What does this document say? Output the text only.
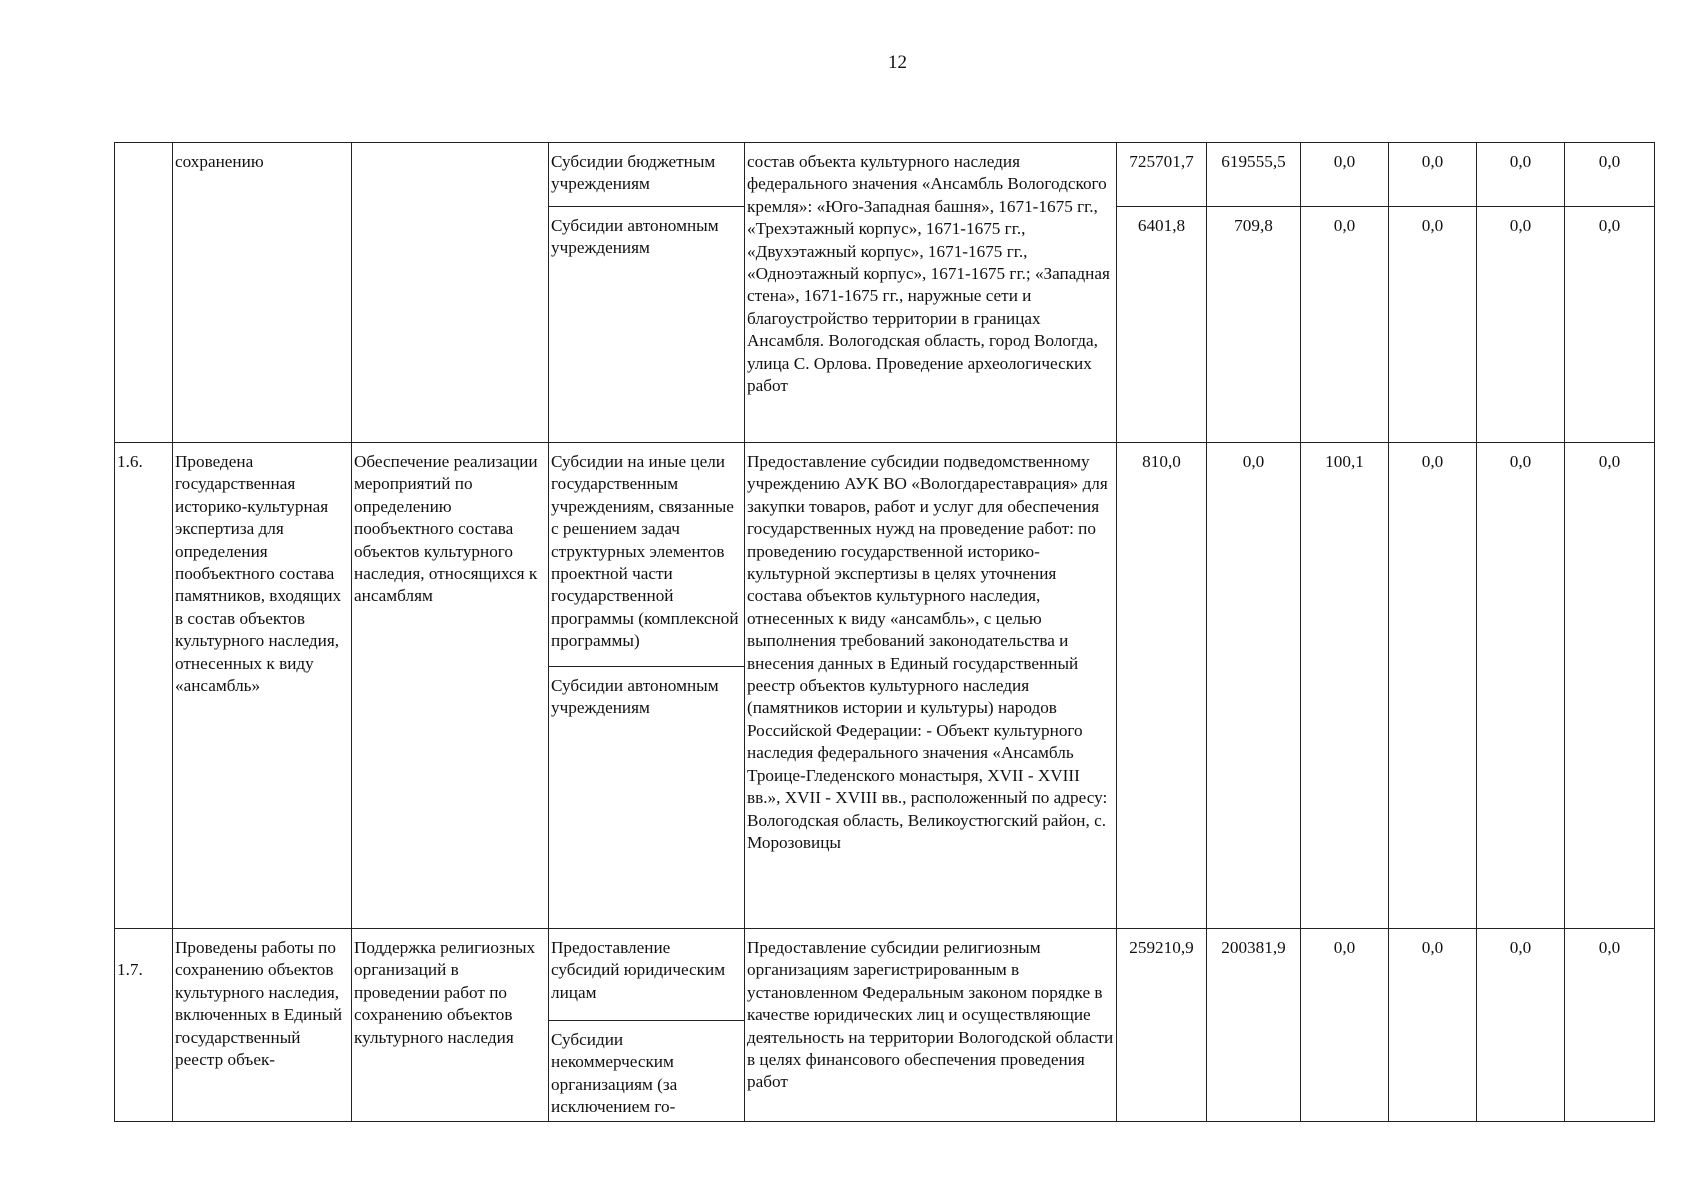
12
	сохранению		Субсидии бюджетным учреждениям	состав объекта культурного наследия федерального значения «Ансамбль Вологодского кремля»: «Юго-Западная башня», 1671-1675 гг., «Трехэтажный корпус», 1671-1675 гг., «Двухэтажный корпус», 1671-1675 гг., «Одноэтажный корпус», 1671-1675 гг.; «Западная стена», 1671-1675 гг., наружные сети и благоустройство территории в границах Ансамбля. Вологодская область, город Вологда, улица С. Орлова. Проведение археологических работ	725701,7	619555,5	0,0	0,0	0,0	0,0
			Субсидии автономным учреждениям		6401,8	709,8	0,0	0,0	0,0	0,0
1.6.	Проведена государственная историко-культурная экспертиза для определения пообъектного состава памятников, входящих в состав объектов культурного наследия, отнесенных к виду «ансамбль»	Обеспечение реализации мероприятий по определению пообъектного состава объектов культурного наследия, относящихся к ансамблям	Субсидии на иные цели государственным учреждениям, связанные с решением задач структурных элементов проектной части государственной программы (комплексной программы)	Предоставление субсидии подведомственному учреждению АУК ВО «Вологдареставрация» для закупки товаров, работ и услуг для обеспечения государственных нужд на проведение работ: по проведению государственной историко-культурной экспертизы в целях уточнения состава объектов культурного наследия, отнесенных к виду «ансамбль», с целью выполнения требований законодательства и внесения данных в Единый государственный реестр объектов культурного наследия (памятников истории и культуры) народов Российской Федерации: - Объект культурного наследия федерального значения «Ансамбль Троице-Гледенского монастыря, XVII - XVIII вв.», XVII - XVIII вв., расположенный по адресу: Вологодская область, Великоустюгский район, с. Морозовицы	810,0	0,0	100,1	0,0	0,0	0,0
			Субсидии автономным учреждениям							
1.7.	Проведены работы по сохранению объектов культурного наследия, включенных в Единый государственный реестр объек-	Поддержка религиозных организаций в проведении работ по сохранению объектов культурного наследия	Предоставление субсидий юридическим лицам	Предоставление субсидии религиозным организациям зарегистрированным в установленном Федеральным законом порядке в качестве юридических лиц и осуществляющие деятельность на территории Вологодской области в целях финансового обеспечения проведения работ	259210,9	200381,9	0,0	0,0	0,0	0,0
			Субсидии некоммерческим организациям (за исключением го-							
